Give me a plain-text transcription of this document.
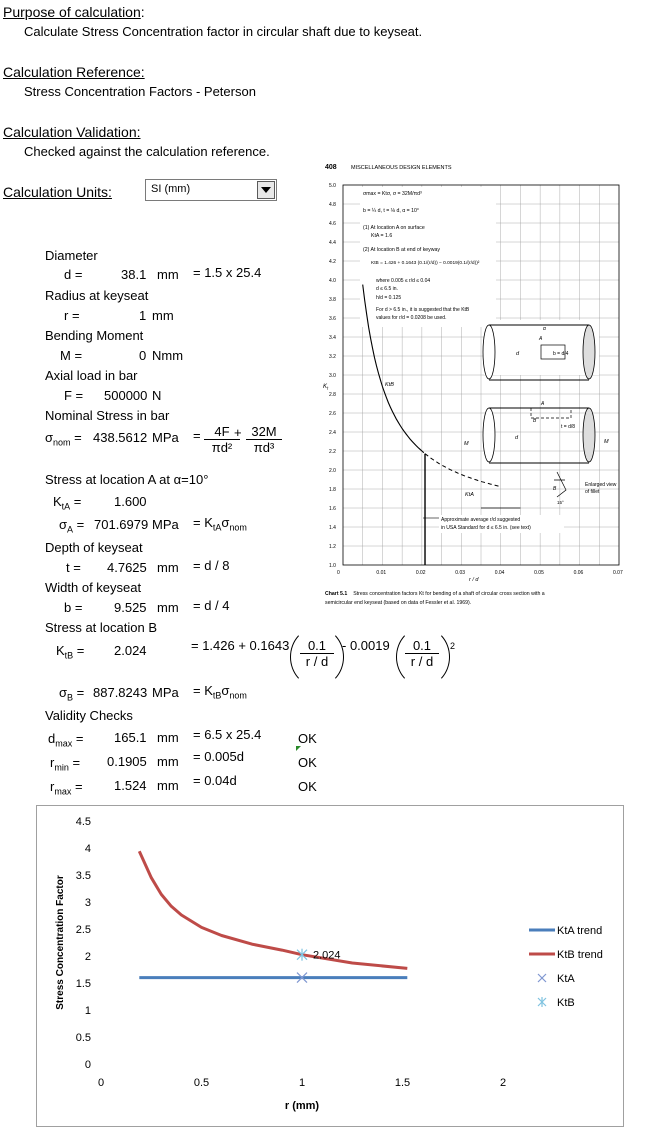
Purpose of calculation:
Calculate Stress Concentration factor in circular shaft due to keyseat.
Calculation Reference:
Stress Concentration Factors - Peterson
Calculation Validation:
Checked against the calculation reference.
Calculation Units:	SI (mm)
Diameter
d =	38.1 mm = 1.5 x 25.4
Radius at keyseat
r =	1 mm
Bending Moment
M =	0 Nmm
Axial load in bar
F = 500000 N
Nominal Stress in bar
$\sigma_{nom} = 438.5612$ MPa = $\frac{4F}{\text{πd²}}$
+ $\frac{32M}{\text{πd³}}$
Stress at location A at α=10°
$K_{tA}$ =	1.600
$\sigma_A = 701.6979$ MPa = $K_{tA}\sigma_{nom}$
Depth of keyseat
t = 4.7625 mm = d / 8
Width of keyseat
b = 9.525 mm = d / 4
Stress at location B
$K_{tB} = 2.024$	= $1.426 + 0.1643 \frac{0.1}{r / d} - 0.0019 \frac{0.1}{r / d} 2$
$\sigma_B = 887.8243$ MPa = $K_{tB}\sigma_{nom}$
Validity Checks
$d_{max} = 165.1$ mm = 6.5 x 25.4	OK
$r_{min} = 0.1905$ mm = 0.005d	OK
$r_{max} = 1.524$ mm = 0.04d	OK
408	MISCELLANEOUS DESIGN ELEMENTS
5.0
4.8
4.6
4.4
4.2
4.0
3.8
3.6
3.4
3.2
3.0
2.8
2.6
2.4
2.2
2.0
1.8
1.6
1.4
1.2
1.0
0	0.01	0.02	0.03	0.04	0.05	0.06	0.07
$K_t$
r / d
σmax = Ktσ, σ = 32M/πd³
b = ¼ d, t = ⅛ d, α = 10°
(1) At location A on surface
KtA = 1.6
(2) At location B at end of keyway
KtB = 1.426 + 0.1643 (0.1/(r/d)) − 0.0019(0.1/(r/d))²
where 0.005 ≤ r/d ≤ 0.04
d ≤ 6.5 in.
h/d = 0.125
For d > 6.5 in., it is suggested that the KtB
values for r/d = 0.0208 be used.
KtB
KtA
Approximate average r/d suggested
in USA Standard for d ≤ 6.5 in. (see text)
b = d/4
d
A
α
t = d/8
B
d
M	M
A
15°
B
Enlarged view
of fillet
Chart 5.1 Stress concentration factors Kt for bending of a shaft of circular cross section with a
semicircular end keyseat (based on data of Fessler et al. 1969).
0
0.5
1
1.5
2
2.5
3
3.5
4
4.5
0	0.5	1	1.5	2
r (mm)
Stress Concentration Factor	2.024
KtA trend
KtB trend
KtA
KtB
